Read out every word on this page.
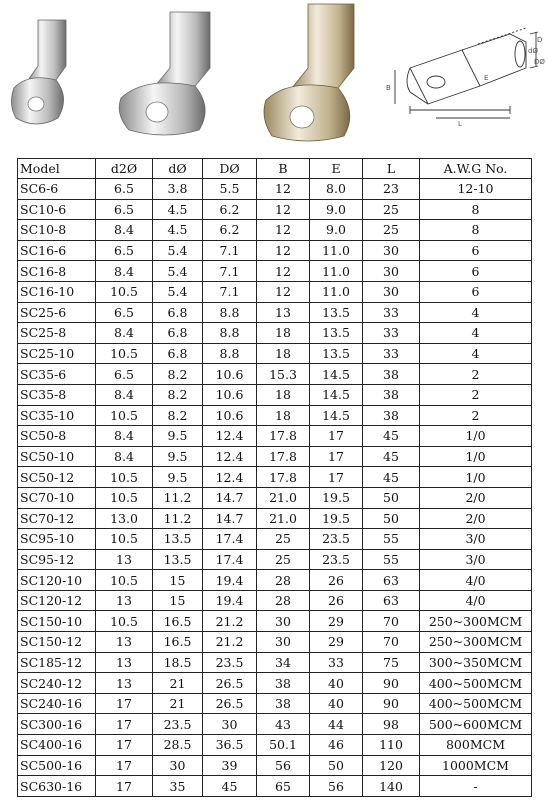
D
dØ
DØ
B
E
L
Model	d2Ø	dØ	DØ	B	E	L	A.W.G No.
SC6-6	6.5	3.8	5.5	12	8.0	23	12-10
SC10-6	6.5	4.5	6.2	12	9.0	25	8
SC10-8	8.4	4.5	6.2	12	9.0	25	8
SC16-6	6.5	5.4	7.1	12	11.0	30	6
SC16-8	8.4	5.4	7.1	12	11.0	30	6
SC16-10	10.5	5.4	7.1	12	11.0	30	6
SC25-6	6.5	6.8	8.8	13	13.5	33	4
SC25-8	8.4	6.8	8.8	18	13.5	33	4
SC25-10	10.5	6.8	8.8	18	13.5	33	4
SC35-6	6.5	8.2	10.6	15.3	14.5	38	2
SC35-8	8.4	8.2	10.6	18	14.5	38	2
SC35-10	10.5	8.2	10.6	18	14.5	38	2
SC50-8	8.4	9.5	12.4	17.8	17	45	1/0
SC50-10	8.4	9.5	12.4	17.8	17	45	1/0
SC50-12	10.5	9.5	12.4	17.8	17	45	1/0
SC70-10	10.5	11.2	14.7	21.0	19.5	50	2/0
SC70-12	13.0	11.2	14.7	21.0	19.5	50	2/0
SC95-10	10.5	13.5	17.4	25	23.5	55	3/0
SC95-12	13	13.5	17.4	25	23.5	55	3/0
SC120-10	10.5	15	19.4	28	26	63	4/0
SC120-12	13	15	19.4	28	26	63	4/0
SC150-10	10.5	16.5	21.2	30	29	70	250~300MCM
SC150-12	13	16.5	21.2	30	29	70	250~300MCM
SC185-12	13	18.5	23.5	34	33	75	300~350MCM
SC240-12	13	21	26.5	38	40	90	400~500MCM
SC240-16	17	21	26.5	38	40	90	400~500MCM
SC300-16	17	23.5	30	43	44	98	500~600MCM
SC400-16	17	28.5	36.5	50.1	46	110	800MCM
SC500-16	17	30	39	56	50	120	1000MCM
SC630-16	17	35	45	65	56	140	-
